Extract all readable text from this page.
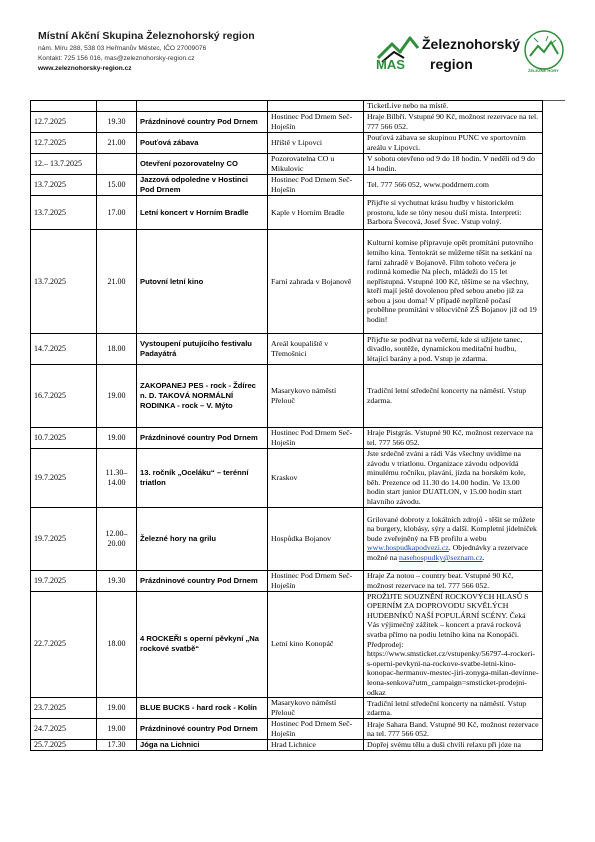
Místní Akční Skupina Železnohorský region
nám. Míru 288, 538 03 Heřmanův Městec, IČO 27009076
Kontakt: 725 156 016, mas@zeleznohorsky-region.cz
www.zeleznohorsky-region.cz	MAS
Železnohorský
region	ŽELEZNÉ HORY
				TicketLive nebo na místě.
12.7.2025	19.30	Prázdninové country Pod Drnem	Hostinec Pod Drnem Seč-Hoješín	Hraje Bilbří. Vstupné 90 Kč, možnost rezervace na tel. 777 566 052.
12.7.2025	21.00	Pouťová zábava	Hřiště v Lipovci	Pouťová zábava se skupinou PUNC ve sportovním areálu v Lipovci.
12.– 13.7.2025		Otevření pozorovatelny CO	Pozorovatelna CO u Mikulovic	V sobotu otevřeno od 9 do 18 hodin. V neděli od 9 do 14 hodin.
13.7.2025	15.00	Jazzová odpoledne v Hostinci Pod Drnem	Hostinec Pod Drnem Seč-Hoješín	Tel. 777 566 052, www.poddrnem.com
13.7.2025	17.00	Letní koncert v Horním Bradle	Kaple v Horním Bradle	Přijďte si vychutnat krásu hudby v historickém prostoru, kde se tóny nesou duší místa. Interpreti: Barbora Švecová, Josef Švec. Vstup volný.
13.7.2025	21.00	Putovní letní kino	Farní zahrada v Bojanově	Kulturní komise připravuje opět promítání putovního letního kina. Tentokrát se můžeme těšit na setkání na farní zahradě v Bojanově. Film tohoto večera je rodinná komedie Na plech, mládeži do 15 let nepřístupná. Vstupné 100 Kč, těšíme se na všechny, kteří mají ještě dovolenou před sebou anebo již za sebou a jsou doma! V případě nepřízně počasí proběhne promítání v tělocvičně ZŠ Bojanov již od 19 hodin!
14.7.2025	18.00	Vystoupení putujícího festivalu Padayátrá	Areál koupaliště v Třemošnici	Přijďte se podívat na večerní, kde si užijete tanec, divadlo, soutěže, dynamickou meditační hudbu, létající barány a pod. Vstup je zdarma.
16.7.2025	19.00	ZAKOPANEJ PES - rock - Ždírec n. D. TAKOVÁ NORMÁLNÍ RODINKA - rock – V. Mýto	Masarykovo náměstí Přelouč	Tradiční letní středeční koncerty na náměstí. Vstup zdarma.
10.7.2025	19.00	Prázdninové country Pod Drnem	Hostinec Pod Drnem Seč-Hoješín	Hraje Pistgrás. Vstupné 90 Kč, možnost rezervace na tel. 777 566 052.
19.7.2025	11.30– 14.00	13. ročník „Oceláku“ – terénní triatlon	Kraskov	Jste srdečně zváni a rádi Vás všechny uvidíme na závodu v triatlonu. Organizace závodu odpovídá minulému ročníku, plavání, jízda na horském kole, běh. Prezence od 11.30 do 14.00 hodin. Ve 13.00 hodin start junior DUATLON, v 15.00 hodin start hlavního závodu.
19.7.2025	12.00– 20.00	Železné hory na grilu	Hospůdka Bojanov	Grilované dobroty z lokálních zdrojů - těšit se můžete na burgery, klobásy, sýry a další. Kompletní jídelníček bude zveřejněný na FB profilu a webu www.hospudkapodvezi.cz. Objednávky a rezervace možné na nasehospudky@seznam.cz.
19.7.2025	19.30	Prázdninové country Pod Drnem	Hostinec Pod Drnem Seč-Hoješín	Hraje Za notou – country beat. Vstupné 90 Kč, možnost rezervace na tel. 777 566 052.
22.7.2025	18.00	4 ROCKEŘI s operní pěvkyní „Na rockové svatbě“	Letní kino Konopáč	PROŽIJTE SOUZNĚNÍ ROCKOVÝCH HLASŮ S OPERNÍM ZA DOPROVODU SKVĚLÝCH HUDEBNÍKŮ NAŠÍ POPULÁRNÍ SCÉNY. Čeká Vás výjimečný zážitek – koncert a pravá rocková svatba přímo na podiu letního kina na Konopáči. Předprodej: https://www.smsticket.cz/vstupenky/56797-4-rockeri-s-operni-pevkyni-na-rockove-svatbe-letni-kino-konopac-hermanuv-mestec-jiri-zonyga-milan-devinne-leona-senkova?utm_campaign=smsticket-prodejni-odkaz
23.7.2025	19.00	BLUE BUCKS - hard rock - Kolín	Masarykovo náměstí Přelouč	Tradiční letní středeční koncerty na náměstí. Vstup zdarma.
24.7.2025	19.00	Prázdninové country Pod Drnem	Hostinec Pod Drnem Seč-Hoješín	Hraje Sahara Band. Vstupné 90 Kč, možnost rezervace na tel. 777 566 052.
25.7.2025	17.30	Jóga na Lichnici	Hrad Lichnice	Dopřej svému tělu a duši chvíli relaxu při józe na
